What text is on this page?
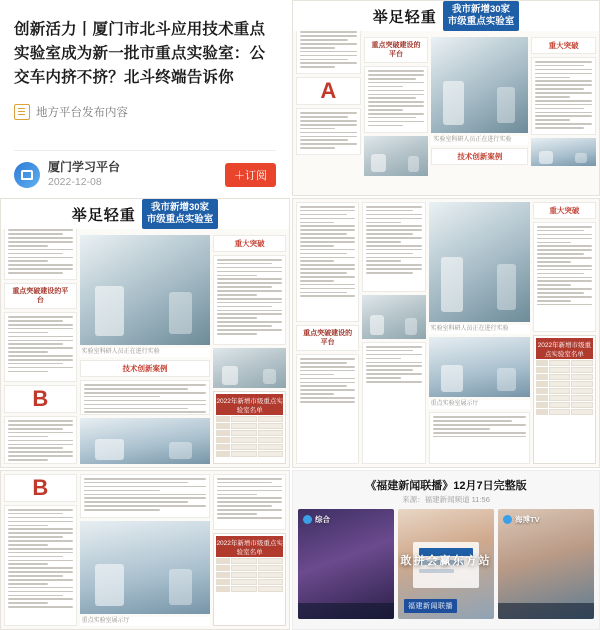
创新活力丨厦门市北斗应用技术重点实验室成为新一批市重点实验室：公交车内挤不挤？北斗终端告诉你
地方平台发布内容
厦门学习平台
2022-12-08	＋订阅
A
重点突破建设的平台
实验室科研人员正在进行实验
技术创新案例
重大突破
举足轻重	我市新增30家
市级重点实验室
重点突破建设的平台
B
实验室科研人员正在进行实验
技术创新案例
重大突破
2022年新增市级重点实验室名单
举足轻重	我市新增30家
市级重点实验室
重点突破建设的平台
实验室科研人员正在进行实验
重点实验室展示厅
重大突破
2022年新增市级重点实验室名单
B
重点实验室展示厅
2022年新增市级重点实验室名单
《福建新闻联播》12月7日完整版
来源：福建新闻频道 11:56
综合
敢拼会赢东方站
福建新闻联播
海博TV
